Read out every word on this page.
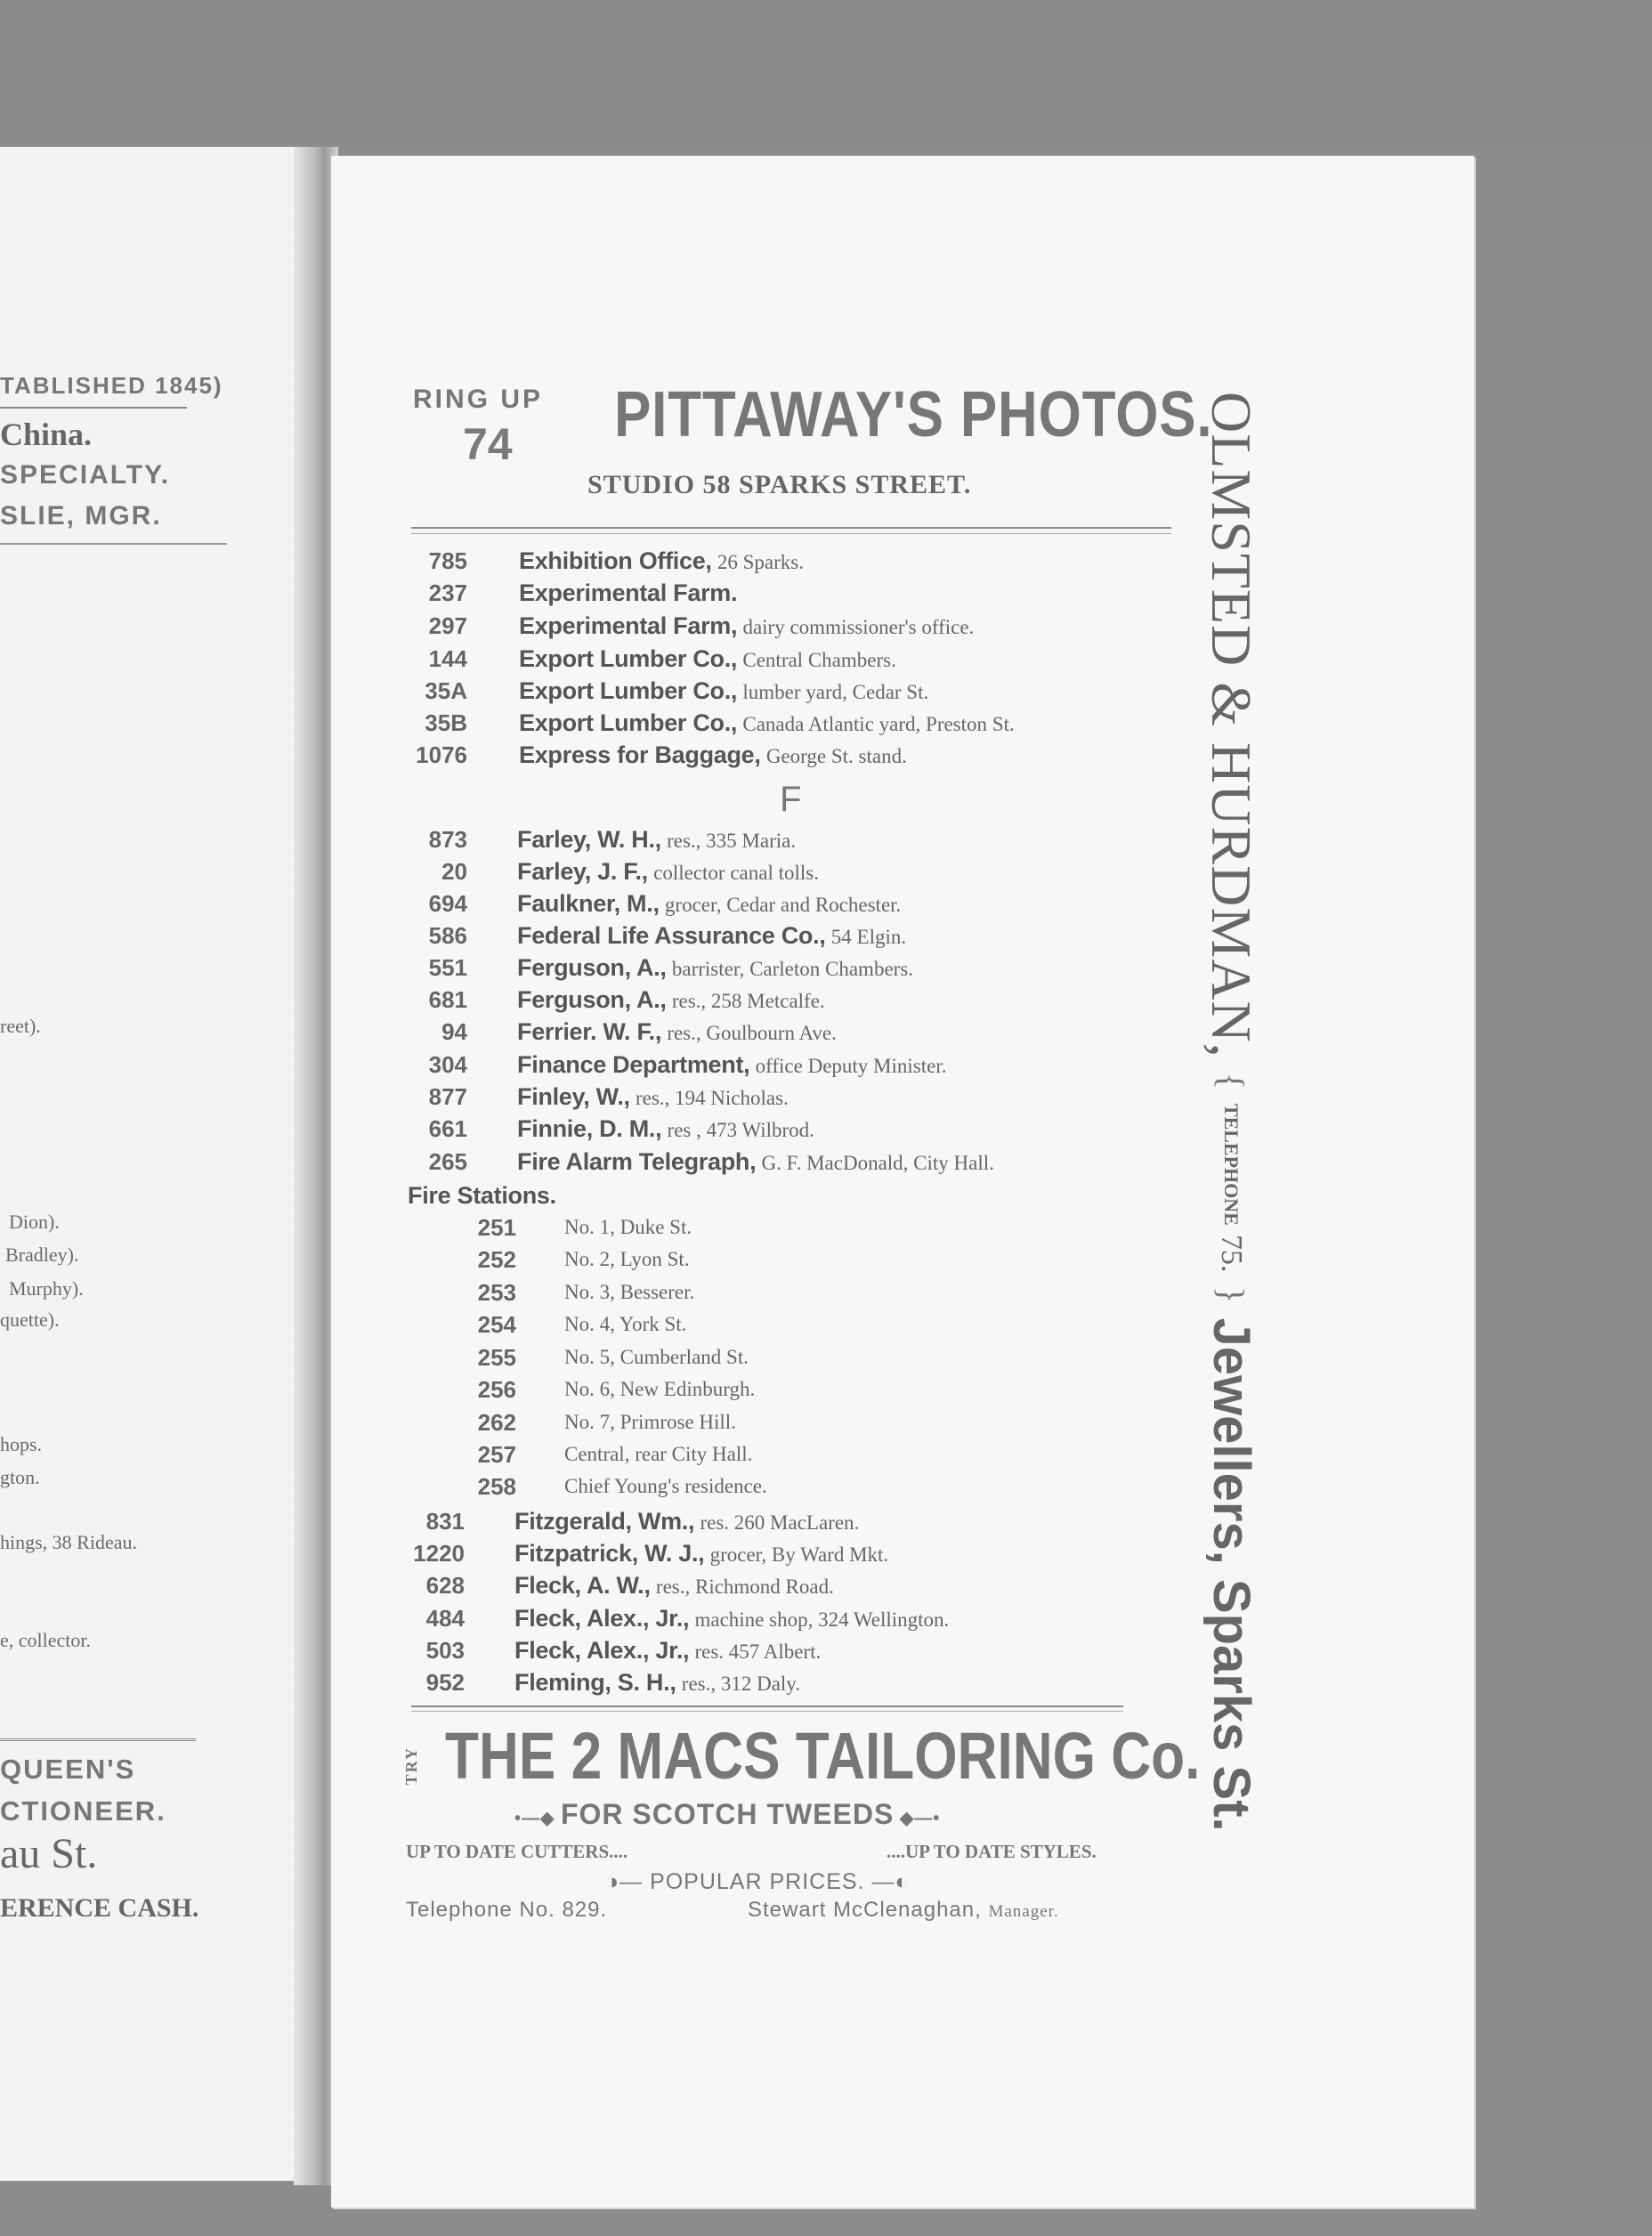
TABLISHED 1845)
China.
SPECIALTY.
SLIE, MGR.
reet).
Dion).
Bradley).
Murphy).
quette).
hops.
gton.
hings, 38 Rideau.
e, collector.
QUEEN'S
CTIONEER.
au St.
ERENCE CASH.
RING UP
74 PITTAWAY'S PHOTOS.
STUDIO 58 SPARKS STREET.
785 Exhibition Office, 26 Sparks.
237 Experimental Farm.
297 Experimental Farm, dairy commissioner's office.
144 Export Lumber Co., Central Chambers.
35A Export Lumber Co., lumber yard, Cedar St.
35B Export Lumber Co., Canada Atlantic yard, Preston St.
1076 Express for Baggage, George St. stand.
F
873 Farley, W. H., res., 335 Maria.
20 Farley, J. F., collector canal tolls.
694 Faulkner, M., grocer, Cedar and Rochester.
586 Federal Life Assurance Co., 54 Elgin.
551 Ferguson, A., barrister, Carleton Chambers.
681 Ferguson, A., res., 258 Metcalfe.
94 Ferrier. W. F., res., Goulbourn Ave.
304 Finance Department, office Deputy Minister.
877 Finley, W., res., 194 Nicholas.
661 Finnie, D. M., res , 473 Wilbrod.
265 Fire Alarm Telegraph, G. F. MacDonald, City Hall.
Fire Stations.
251 No. 1, Duke St.
252 No. 2, Lyon St.
253 No. 3, Besserer.
254 No. 4, York St.
255 No. 5, Cumberland St.
256 No. 6, New Edinburgh.
262 No. 7, Primrose Hill.
257 Central, rear City Hall.
258 Chief Young's residence.
831 Fitzgerald, Wm., res. 260 MacLaren.
1220 Fitzpatrick, W. J., grocer, By Ward Mkt.
628 Fleck, A. W., res., Richmond Road.
484 Fleck, Alex., Jr., machine shop, 324 Wellington.
503 Fleck, Alex., Jr., res. 457 Albert.
952 Fleming, S. H., res., 312 Daly.
OLMSTED & HURDMAN, { TELEPHONE 75. } Jewellers, Sparks St.
TRY THE 2 MACS TAILORING Co.
•—◆ FOR SCOTCH TWEEDS ◆—•
UP TO DATE CUTTERS....	....UP TO DATE STYLES.
◑— POPULAR PRICES. —◐
Telephone No. 829.	Stewart McClenaghan, Manager.
